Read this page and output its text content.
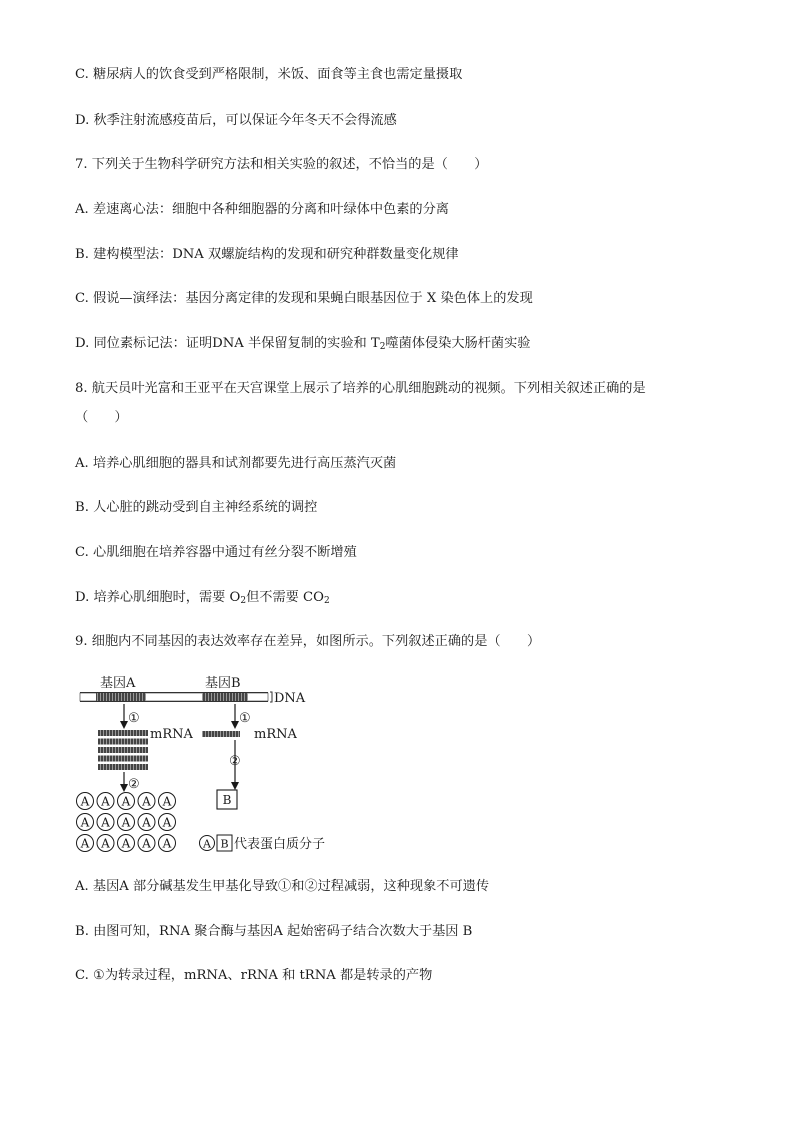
C. 糖尿病人的饮食受到严格限制，米饭、面食等主食也需定量摄取
D. 秋季注射流感疫苗后，可以保证今年冬天不会得流感
7. 下列关于生物科学研究方法和相关实验的叙述，不恰当的是（　　）
A. 差速离心法：细胞中各种细胞器的分离和叶绿体中色素的分离
B. 建构模型法：DNA 双螺旋结构的发现和研究种群数量变化规律
C. 假说—演绎法：基因分离定律的发现和果蝇白眼基因位于 X 染色体上的发现
D. 同位素标记法：证明DNA 半保留复制的实验和 $T_2$噬菌体侵染大肠杆菌实验
8. 航天员叶光富和王亚平在天宫课堂上展示了培养的心肌细胞跳动的视频。下列相关叙述正确的是
（　　）
A. 培养心肌细胞的器具和试剂都要先进行高压蒸汽灭菌
B. 人心脏的跳动受到自主神经系统的调控
C. 心肌细胞在培养容器中通过有丝分裂不断增殖
D. 培养心肌细胞时，需要 $O_2$但不需要 $CO_2$
9. 细胞内不同基因的表达效率存在差异，如图所示。下列叙述正确的是（　　）
基因A	基因B
DNA
①	①
mRNA	mRNA
②
②
A A A A A
A A A A A
A A A A A
B
A B 代表蛋白质分子
A. 基因A 部分碱基发生甲基化导致①和②过程减弱，这种现象不可遗传
B. 由图可知，RNA 聚合酶与基因A 起始密码子结合次数大于基因 B
C. ①为转录过程，mRNA、rRNA 和 tRNA 都是转录的产物
